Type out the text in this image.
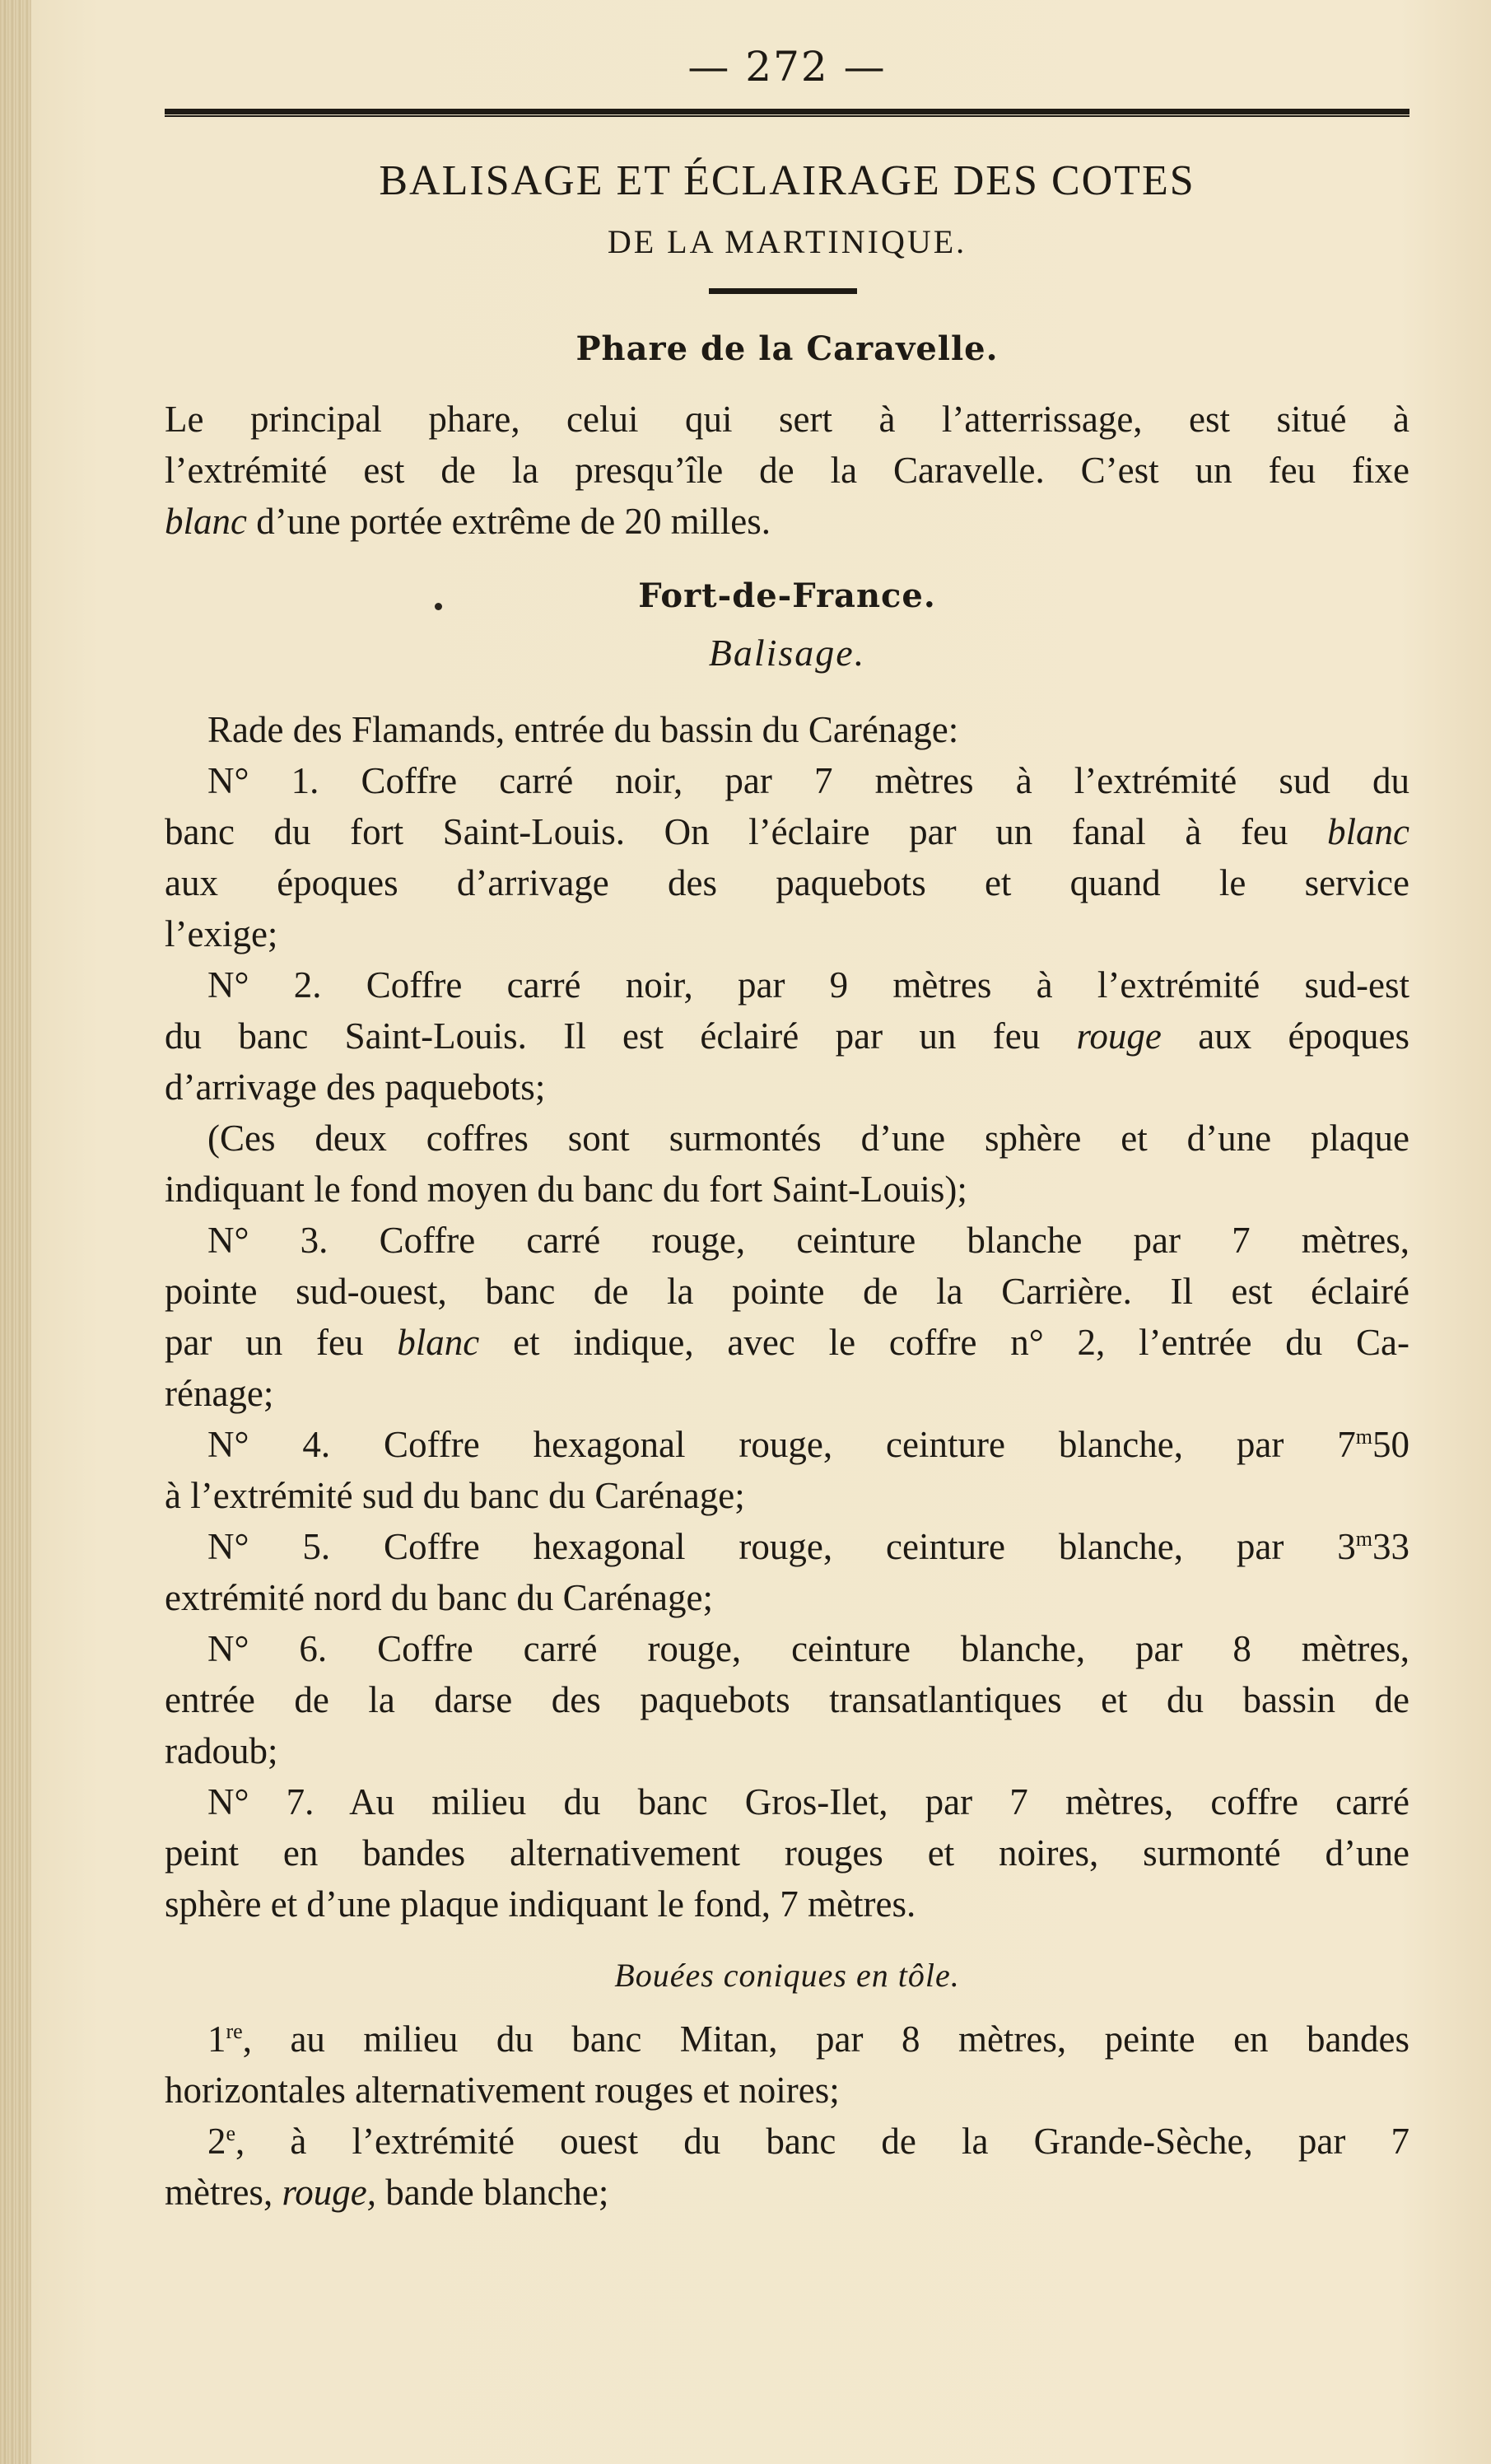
— 272 —
BALISAGE ET ÉCLAIRAGE DES COTES
DE LA MARTINIQUE.
Phare de la Caravelle.
Le principal phare, celui qui sert à l’atterrissage, est situé à
l’extrémité est de la presqu’île de la Caravelle. C’est un feu fixe
blanc d’une portée extrême de 20 milles.
Fort-de-France.
Balisage.
Rade des Flamands, entrée du bassin du Carénage:
N° 1. Coffre carré noir, par 7 mètres à l’extrémité sud du
banc du fort Saint-Louis. On l’éclaire par un fanal à feu blanc
aux époques d’arrivage des paquebots et quand le service
l’exige;
N° 2. Coffre carré noir, par 9 mètres à l’extrémité sud-est
du banc Saint-Louis. Il est éclairé par un feu rouge aux époques
d’arrivage des paquebots;
(Ces deux coffres sont surmontés d’une sphère et d’une plaque
indiquant le fond moyen du banc du fort Saint-Louis);
N° 3. Coffre carré rouge, ceinture blanche par 7 mètres,
pointe sud-ouest, banc de la pointe de la Carrière. Il est éclairé
par un feu blanc et indique, avec le coffre n° 2, l’entrée du Ca-
rénage;
N° 4. Coffre hexagonal rouge, ceinture blanche, par 7$^m$50
à l’extrémité sud du banc du Carénage;
N° 5. Coffre hexagonal rouge, ceinture blanche, par 3$^m$33
extrémité nord du banc du Carénage;
N° 6. Coffre carré rouge, ceinture blanche, par 8 mètres,
entrée de la darse des paquebots transatlantiques et du bassin de
radoub;
N° 7. Au milieu du banc Gros-Ilet, par 7 mètres, coffre carré
peint en bandes alternativement rouges et noires, surmonté d’une
sphère et d’une plaque indiquant le fond, 7 mètres.
Bouées coniques en tôle.
1re, au milieu du banc Mitan, par 8 mètres, peinte en bandes
horizontales alternativement rouges et noires;
2e, à l’extrémité ouest du banc de la Grande-Sèche, par 7
mètres, rouge, bande blanche;
